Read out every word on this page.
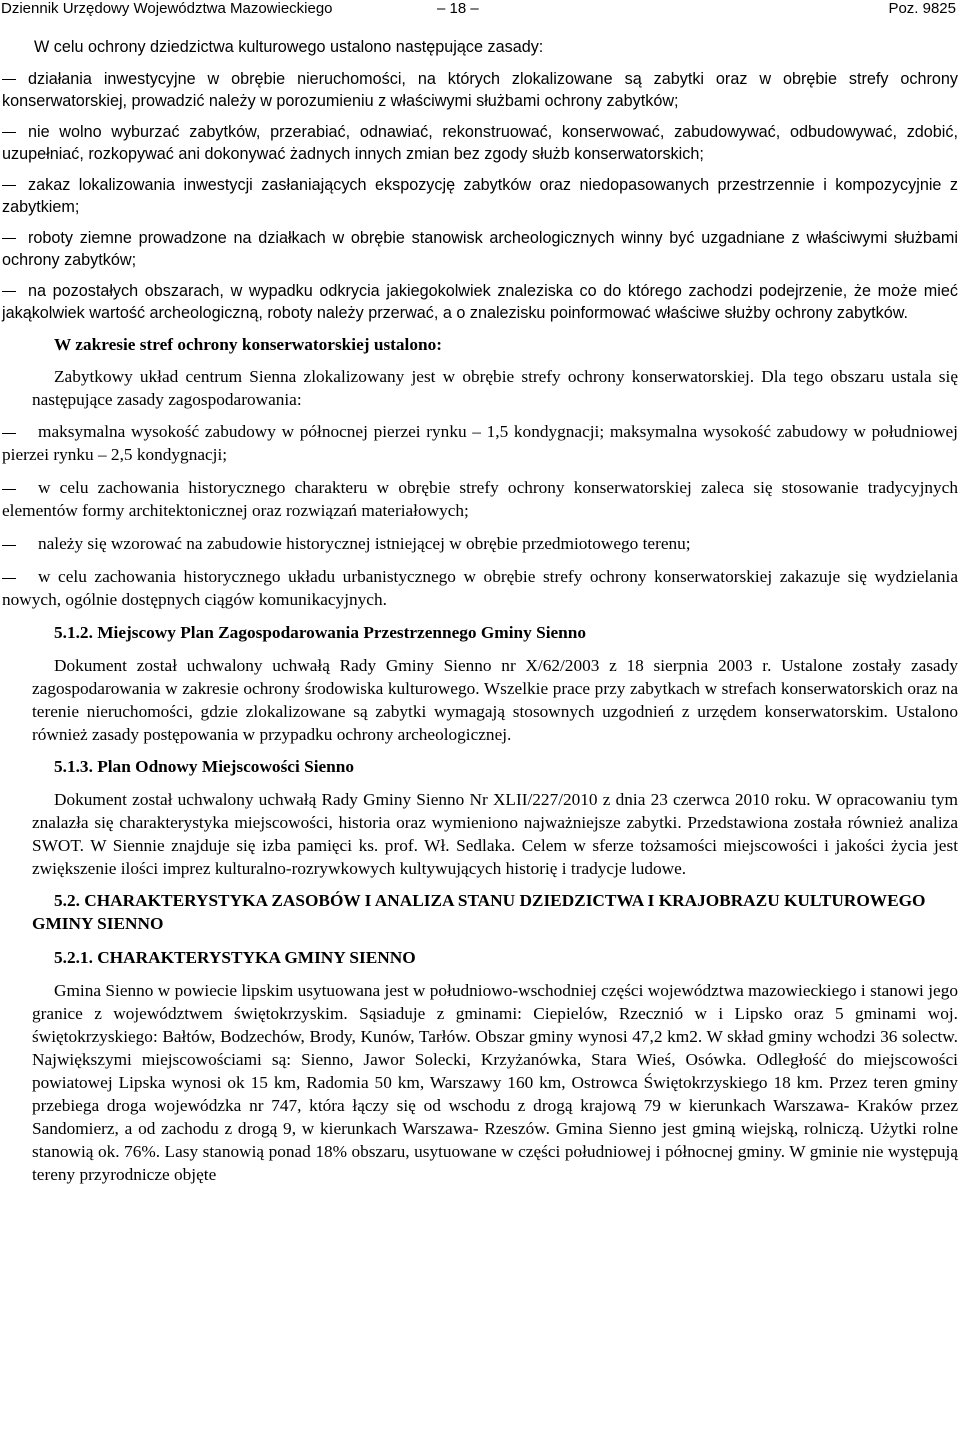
Dziennik Urzędowy Województwa Mazowieckiego	– 18 –	Poz. 9825

W celu ochrony dziedzictwa kulturowego ustalono następujące zasady:

działania inwestycyjne w obrębie nieruchomości, na których zlokalizowane są zabytki oraz w obrębie strefy ochrony konserwatorskiej, prowadzić należy w porozumieniu z właściwymi służbami ochrony zabytków;

nie wolno wyburzać zabytków, przerabiać, odnawiać, rekonstruować, konserwować, zabudowywać, odbudowywać, zdobić, uzupełniać, rozkopywać ani dokonywać żadnych innych zmian bez zgody służb konserwatorskich;

zakaz lokalizowania inwestycji zasłaniających ekspozycję zabytków oraz niedopasowanych przestrzennie i kompozycyjnie z zabytkiem;

roboty ziemne prowadzone na działkach w obrębie stanowisk archeologicznych winny być uzgadniane z właściwymi służbami ochrony zabytków;

na pozostałych obszarach, w wypadku odkrycia jakiegokolwiek znaleziska co do którego zachodzi podejrzenie, że może mieć jakąkolwiek wartość archeologiczną, roboty należy przerwać, a o znalezisku poinformować właściwe służby ochrony zabytków.

W zakresie stref ochrony konserwatorskiej ustalono:

Zabytkowy układ centrum Sienna zlokalizowany jest w obrębie strefy ochrony konserwatorskiej. Dla tego obszaru ustala się następujące zasady zagospodarowania:

maksymalna wysokość zabudowy w północnej pierzei rynku – 1,5 kondygnacji; maksymalna wysokość zabudowy w południowej pierzei rynku – 2,5 kondygnacji;

w celu zachowania historycznego charakteru w obrębie strefy ochrony konserwatorskiej zaleca się stosowanie tradycyjnych elementów formy architektonicznej oraz rozwiązań materiałowych;

należy się wzorować na zabudowie historycznej istniejącej w obrębie przedmiotowego terenu;

w celu zachowania historycznego układu urbanistycznego w obrębie strefy ochrony konserwatorskiej zakazuje się wydzielania nowych, ogólnie dostępnych ciągów komunikacyjnych.

5.1.2. Miejscowy Plan Zagospodarowania Przestrzennego Gminy Sienno

Dokument został uchwalony uchwałą Rady Gminy Sienno nr X/62/2003 z 18 sierpnia 2003 r. Ustalone zostały zasady zagospodarowania w zakresie ochrony środowiska kulturowego. Wszelkie prace przy zabytkach w strefach konserwatorskich oraz na terenie nieruchomości, gdzie zlokalizowane są zabytki wymagają stosownych uzgodnień z urzędem konserwatorskim. Ustalono również zasady postępowania w przypadku ochrony archeologicznej.

5.1.3. Plan Odnowy Miejscowości Sienno

Dokument został uchwalony uchwałą Rady Gminy Sienno Nr XLII/227/2010 z dnia 23 czerwca 2010 roku. W opracowaniu tym znalazła się charakterystyka miejscowości, historia oraz wymieniono najważniejsze zabytki. Przedstawiona została również analiza SWOT. W Siennie znajduje się izba pamięci ks. prof. Wł. Sedlaka. Celem w sferze tożsamości miejscowości i jakości życia jest zwiększenie ilości imprez kulturalno-rozrywkowych kultywujących historię i tradycje ludowe.

5.2. CHARAKTERYSTYKA ZASOBÓW I ANALIZA STANU DZIEDZICTWA I KRAJOBRAZU KULTUROWEGO GMINY SIENNO

5.2.1. CHARAKTERYSTYKA GMINY SIENNO

Gmina Sienno w powiecie lipskim usytuowana jest w południowo-wschodniej części województwa mazowieckiego i stanowi jego granice z województwem świętokrzyskim. Sąsiaduje z gminami: Ciepielów, Rzecznió w i Lipsko oraz 5 gminami woj. świętokrzyskiego: Bałtów, Bodzechów, Brody, Kunów, Tarłów. Obszar gminy wynosi 47,2 km2. W skład gminy wchodzi 36 solectw. Największymi miejscowościami są: Sienno, Jawor Solecki, Krzyżanówka, Stara Wieś, Osówka. Odległość do miejscowości powiatowej Lipska wynosi ok 15 km, Radomia 50 km, Warszawy 160 km, Ostrowca Świętokrzyskiego 18 km. Przez teren gminy przebiega droga wojewódzka nr 747, która łączy się od wschodu z drogą krajową 79 w kierunkach Warszawa- Kraków przez Sandomierz, a od zachodu z drogą 9, w kierunkach Warszawa- Rzeszów. Gmina Sienno jest gminą wiejską, rolniczą. Użytki rolne stanowią ok. 76%. Lasy stanowią ponad 18% obszaru, usytuowane w części południowej i północnej gminy. W gminie nie występują tereny przyrodnicze objęte
